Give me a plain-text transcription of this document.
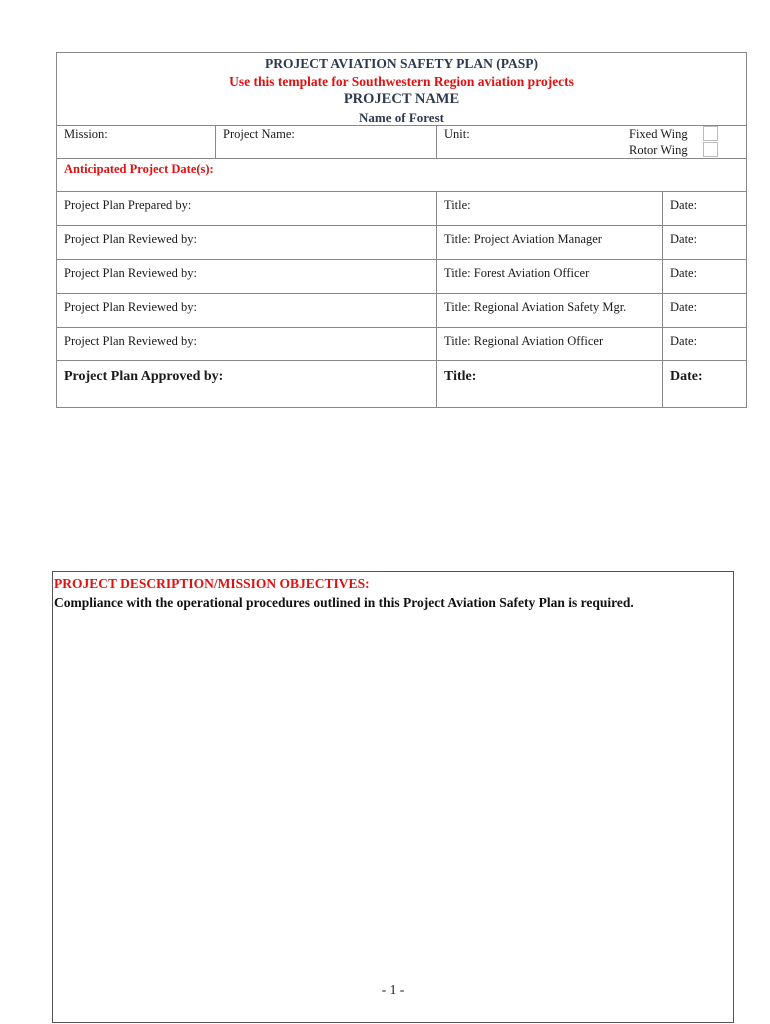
PROJECT AVIATION SAFETY PLAN (PASP)
Use this template for Southwestern Region aviation projects
PROJECT NAME
Name of Forest
Mission:	Project Name:	Unit:	Fixed Wing
Rotor Wing
Anticipated Project Date(s):
Project Plan Prepared by:	Title:	Date:
Project Plan Reviewed by:	Title: Project Aviation Manager	Date:
Project Plan Reviewed by:	Title: Forest Aviation Officer	Date:
Project Plan Reviewed by:	Title: Regional Aviation Safety Mgr.	Date:
Project Plan Reviewed by:	Title: Regional Aviation Officer	Date:
Project Plan Approved by:	Title:	Date:
PROJECT DESCRIPTION/MISSION OBJECTIVES:
Compliance with the operational procedures outlined in this Project Aviation Safety Plan is required.
- 1 -
